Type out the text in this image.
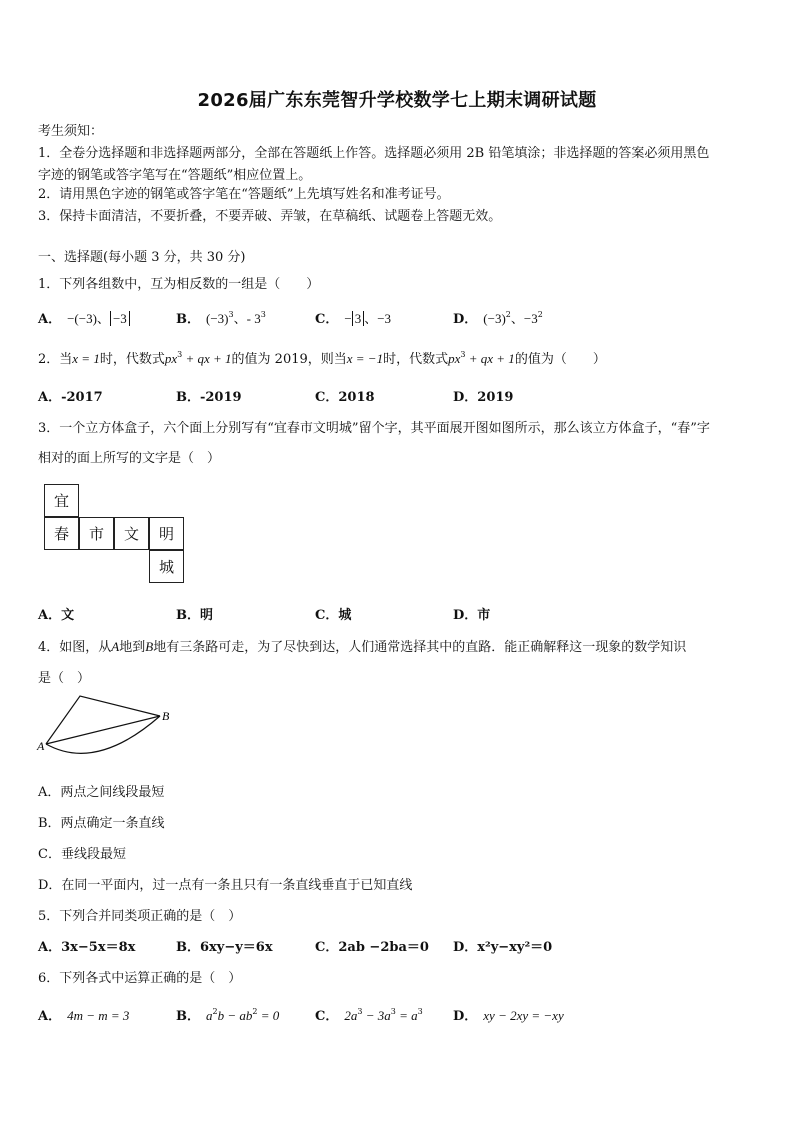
2026届广东东莞智升学校数学七上期末调研试题
考生须知：
1．全卷分选择题和非选择题两部分，全部在答题纸上作答。选择题必须用 2B 铅笔填涂；非选择题的答案必须用黑色
字迹的钢笔或答字笔写在“答题纸”相应位置上。
2．请用黑色字迹的钢笔或答字笔在“答题纸”上先填写姓名和准考证号。
3．保持卡面清洁，不要折叠，不要弄破、弄皱，在草稿纸、试题卷上答题无效。
一、选择题(每小题 3 分，共 30 分)
1．下列各组数中，互为相反数的一组是（　　）
A． −(−3)、 −3	B． $(-3)^3$、- $3^3$	C． − 3 、−3	D． $(-3)^2$、$-3^2$
2．当x = 1时，代数式$px^3$ + qx + 1的值为 2019，则当x = −1时，代数式$px^3$ + qx + 1的值为（　　）
A．-2017	B．-2019	C．2018	D．2019
3．一个立方体盒子，六个面上分别写有“宜春市文明城”留个字，其平面展开图如图所示，那么该立方体盒子，“春”字
相对的面上所写的文字是（　）
宜
春	市	文	明
城
A．文	B．明	C．城	D．市
4．如图，从A地到B地有三条路可走，为了尽快到达，人们通常选择其中的直路．能正确解释这一现象的数学知识
是（　）
A
B
A．两点之间线段最短
B．两点确定一条直线
C．垂线段最短
D．在同一平面内，过一点有一条且只有一条直线垂直于已知直线
5．下列合并同类项正确的是（　）
A．3x−5x＝8x	B．6xy−y＝6x	C．2ab −2ba＝0 D．x²y−xy²＝0
6．下列各式中运算正确的是（　）
A． 4m − m = 3	B． $a^2b - ab^2 = 0$	C． $2a^3 - 3a^3 = a^3$ D． xy − 2xy = −xy
